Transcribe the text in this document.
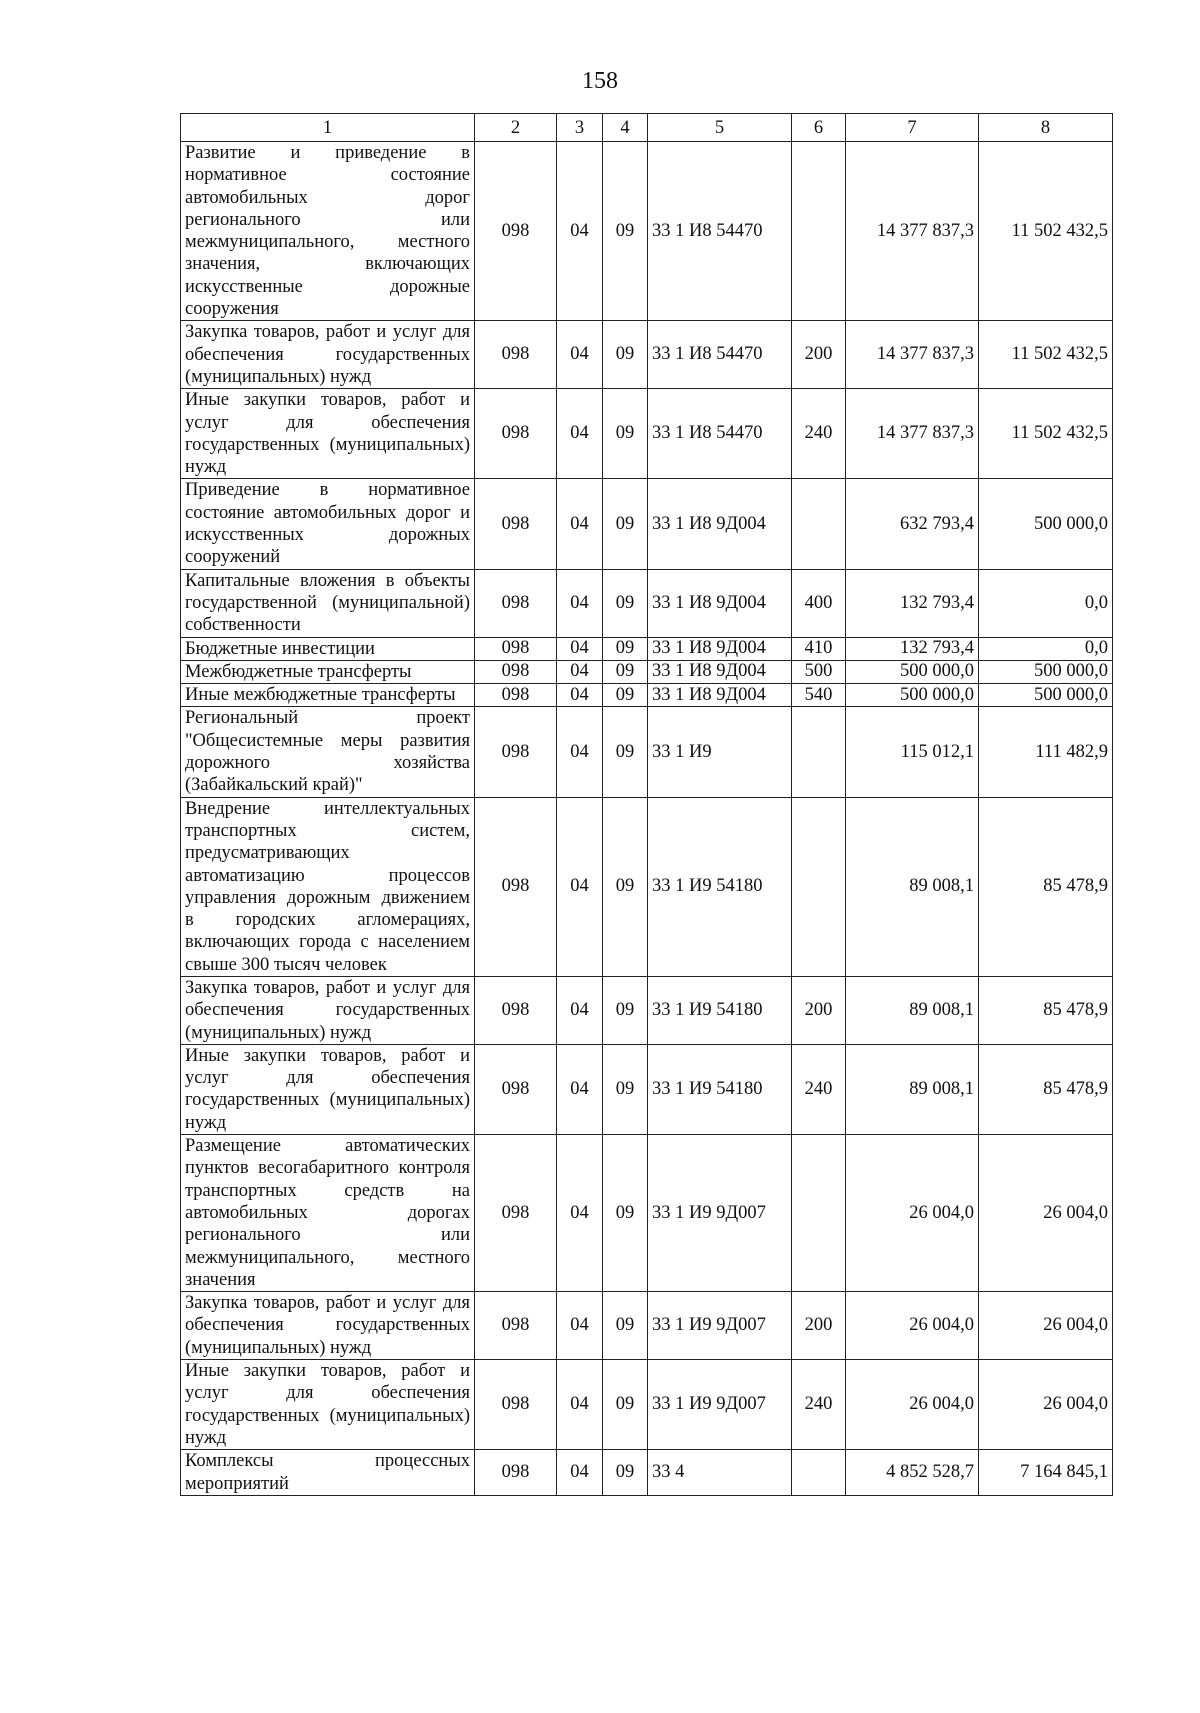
158
1	2	3	4	5	6	7	8
Развитие и приведение в нормативное состояние автомобильных дорог регионального или межмуниципального, местного значения, включающих искусственные дорожные сооружения	098	04	09	33 1 И8 54470		14 377 837,3	11 502 432,5
Закупка товаров, работ и услуг для обеспечения государственных (муниципальных) нужд	098	04	09	33 1 И8 54470	200	14 377 837,3	11 502 432,5
Иные закупки товаров, работ и услуг для обеспечения государственных (муниципальных) нужд	098	04	09	33 1 И8 54470	240	14 377 837,3	11 502 432,5
Приведение в нормативное состояние автомобильных дорог и искусственных дорожных сооружений	098	04	09	33 1 И8 9Д004		632 793,4	500 000,0
Капитальные вложения в объекты государственной (муниципальной) собственности	098	04	09	33 1 И8 9Д004	400	132 793,4	0,0
Бюджетные инвестиции	098	04	09	33 1 И8 9Д004	410	132 793,4	0,0
Межбюджетные трансферты	098	04	09	33 1 И8 9Д004	500	500 000,0	500 000,0
Иные межбюджетные трансферты	098	04	09	33 1 И8 9Д004	540	500 000,0	500 000,0
Региональный проект "Общесистемные меры развития дорожного хозяйства (Забайкальский край)"	098	04	09	33 1 И9		115 012,1	111 482,9
Внедрение интеллектуальных транспортных систем, предусматривающих автоматизацию процессов управления дорожным движением в городских агломерациях, включающих города с населением свыше 300 тысяч человек	098	04	09	33 1 И9 54180		89 008,1	85 478,9
Закупка товаров, работ и услуг для обеспечения государственных (муниципальных) нужд	098	04	09	33 1 И9 54180	200	89 008,1	85 478,9
Иные закупки товаров, работ и услуг для обеспечения государственных (муниципальных) нужд	098	04	09	33 1 И9 54180	240	89 008,1	85 478,9
Размещение автоматических пунктов весогабаритного контроля транспортных средств на автомобильных дорогах регионального или межмуниципального, местного значения	098	04	09	33 1 И9 9Д007		26 004,0	26 004,0
Закупка товаров, работ и услуг для обеспечения государственных (муниципальных) нужд	098	04	09	33 1 И9 9Д007	200	26 004,0	26 004,0
Иные закупки товаров, работ и услуг для обеспечения государственных (муниципальных) нужд	098	04	09	33 1 И9 9Д007	240	26 004,0	26 004,0
Комплексы процессных мероприятий	098	04	09	33 4		4 852 528,7	7 164 845,1
